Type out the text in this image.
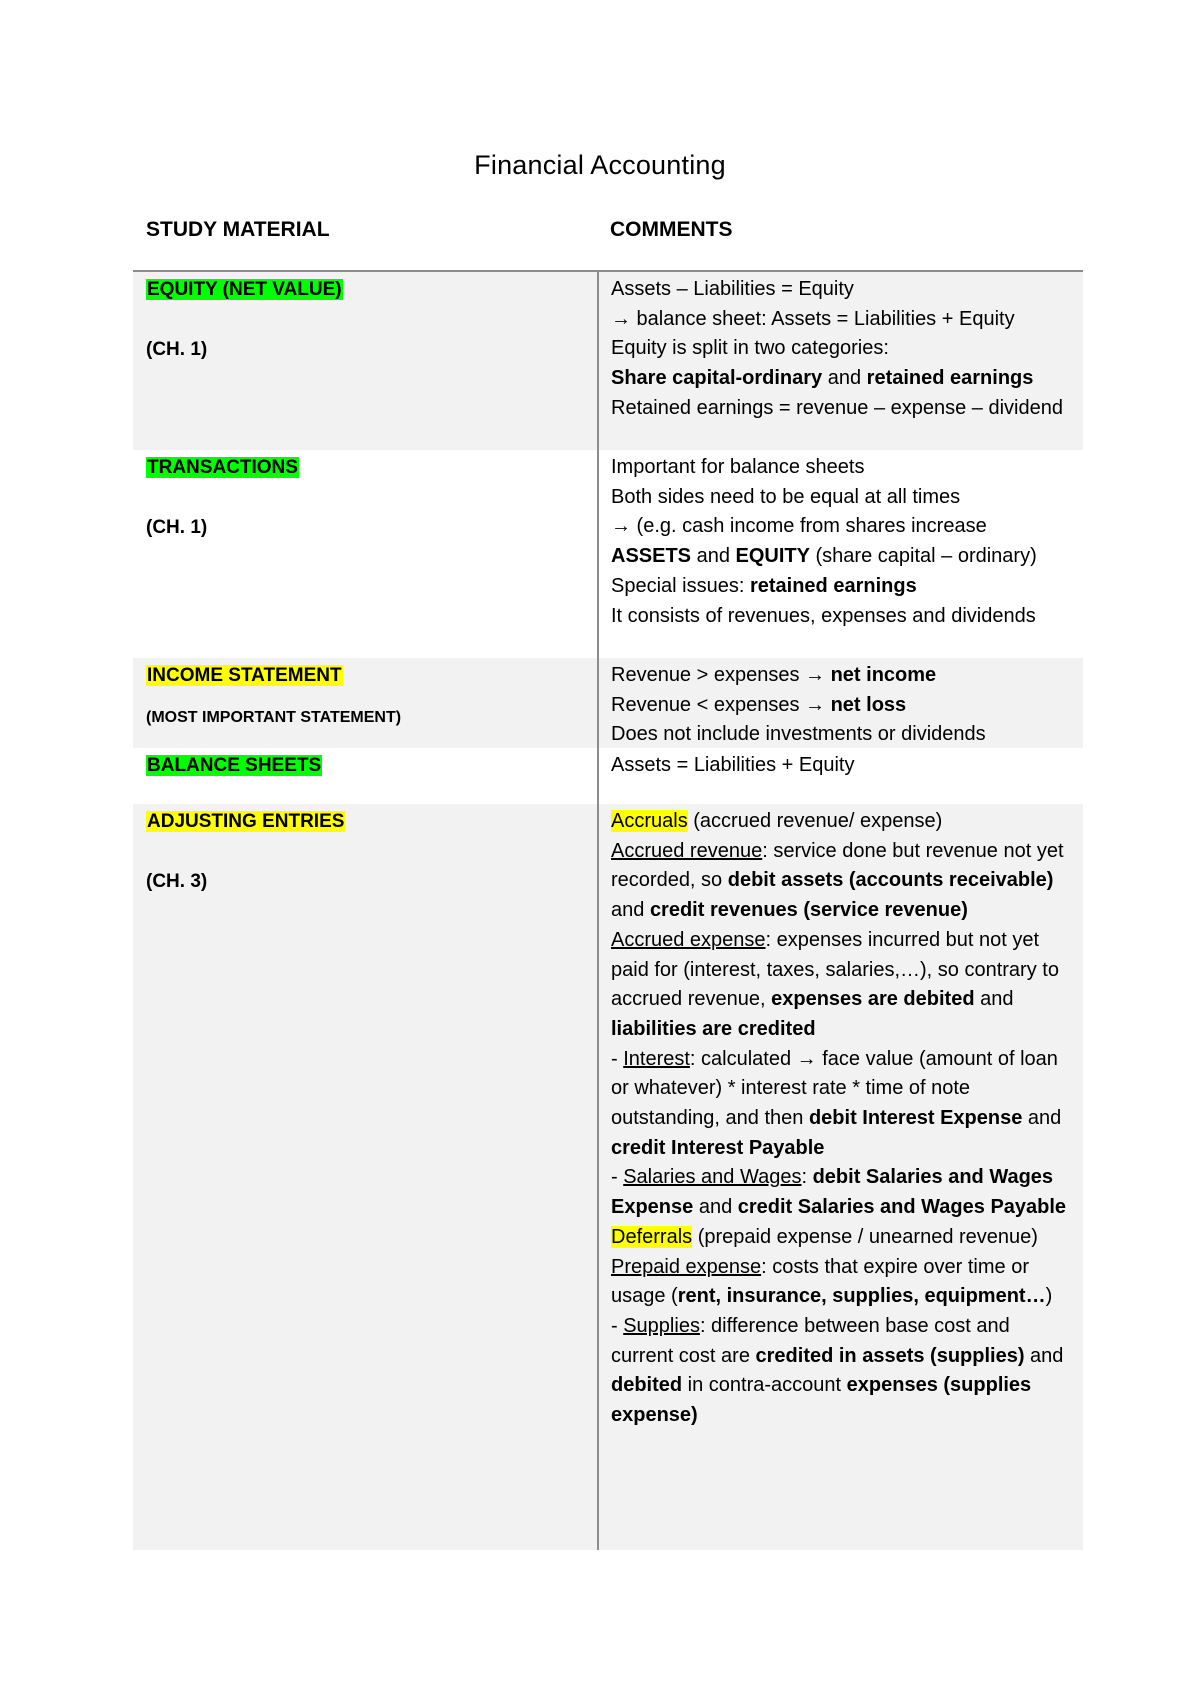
Financial Accounting
STUDY MATERIAL	COMMENTS
EQUITY (NET VALUE)
(CH. 1)
Assets – Liabilities = Equity
→ balance sheet: Assets = Liabilities + Equity
Equity is split in two categories:
Share capital-ordinary and retained earnings
Retained earnings = revenue – expense – dividend
TRANSACTIONS
(CH. 1)
Important for balance sheets
Both sides need to be equal at all times
→ (e.g. cash income from shares increase
ASSETS and EQUITY (share capital – ordinary)
Special issues: retained earnings
It consists of revenues, expenses and dividends
INCOME STATEMENT
(MOST IMPORTANT STATEMENT)
Revenue > expenses → net income
Revenue < expenses → net loss
Does not include investments or dividends
BALANCE SHEETS	Assets = Liabilities + Equity
ADJUSTING ENTRIES
(CH. 3)
Accruals (accrued revenue/ expense)
Accrued revenue: service done but revenue not yet recorded, so debit assets (accounts receivable) and credit revenues (service revenue)
Accrued expense: expenses incurred but not yet paid for (interest, taxes, salaries,…), so contrary to accrued revenue, expenses are debited and liabilities are credited
- Interest: calculated → face value (amount of loan or whatever) * interest rate * time of note outstanding, and then debit Interest Expense and credit Interest Payable
- Salaries and Wages: debit Salaries and Wages Expense and credit Salaries and Wages Payable
Deferrals (prepaid expense / unearned revenue)
Prepaid expense: costs that expire over time or usage (rent, insurance, supplies, equipment…)
- Supplies: difference between base cost and current cost are credited in assets (supplies) and debited in contra-account expenses (supplies expense)
